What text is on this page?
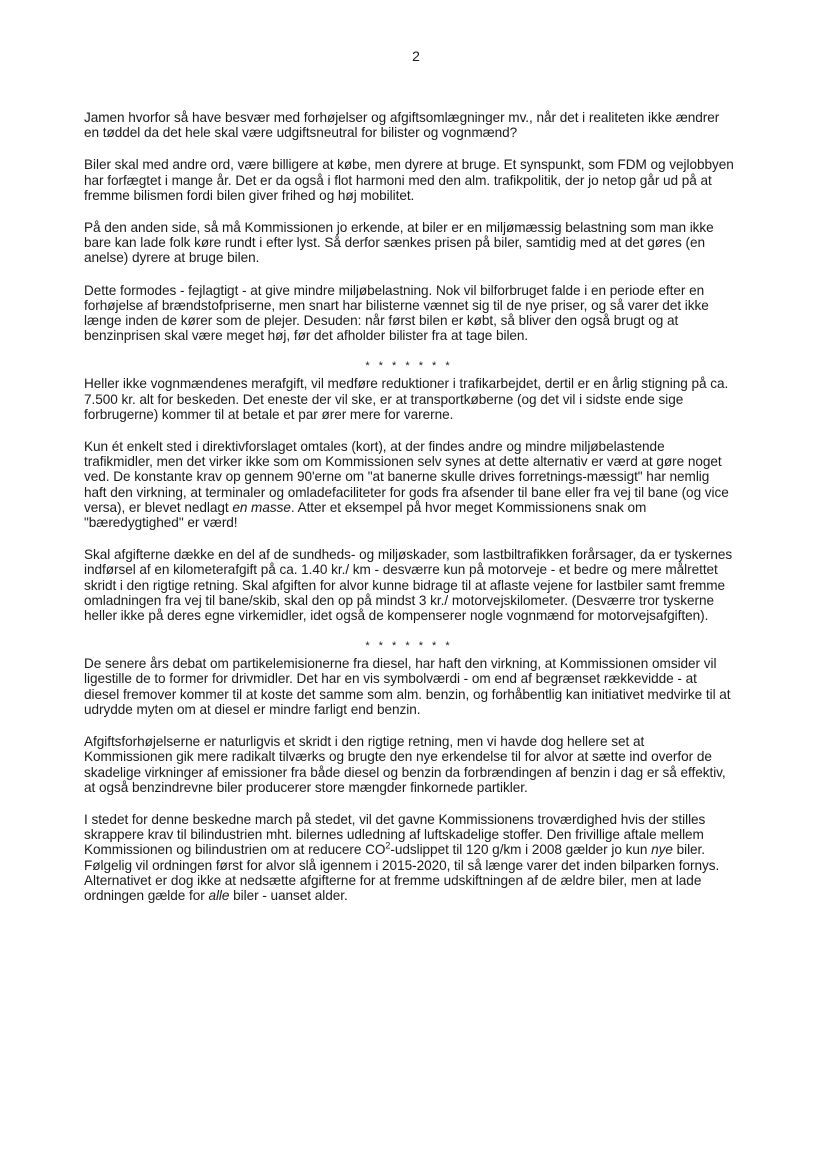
2

Jamen hvorfor så have besvær med forhøjelser og afgiftsomlægninger mv., når det i realiteten ikke ændrer en tøddel da det hele skal være udgiftsneutral for bilister og vognmænd?

Biler skal med andre ord, være billigere at købe, men dyrere at bruge. Et synspunkt, som FDM og vejlobbyen har forfægtet i mange år. Det er da også i flot harmoni med den alm. trafikpolitik, der jo netop går ud på at fremme bilismen fordi bilen giver frihed og høj mobilitet.

På den anden side, så må Kommissionen jo erkende, at biler er en miljømæssig belastning som man ikke bare kan lade folk køre rundt i efter lyst. Så derfor sænkes prisen på biler, samtidig med at det gøres (en anelse) dyrere at bruge bilen.

Dette formodes - fejlagtigt - at give mindre miljøbelastning. Nok vil bilforbruget falde i en periode efter en forhøjelse af brændstofpriserne, men snart har bilisterne vænnet sig til de nye priser, og så varer det ikke længe inden de kører som de plejer. Desuden: når først bilen er købt, så bliver den også brugt og at benzinprisen skal være meget høj, før det afholder bilister fra at tage bilen.

* * * * * * *

Heller ikke vognmændenes merafgift, vil medføre reduktioner i trafikarbejdet, dertil er en årlig stigning på ca. 7.500 kr. alt for beskeden. Det eneste der vil ske, er at transportkøberne (og det vil i sidste ende sige forbrugerne) kommer til at betale et par ører mere for varerne.

Kun ét enkelt sted i direktivforslaget omtales (kort), at der findes andre og mindre miljøbelastende trafikmidler, men det virker ikke som om Kommissionen selv synes at dette alternativ er værd at gøre noget ved. De konstante krav op gennem 90'erne om "at banerne skulle drives forretnings-mæssigt" har nemlig haft den virkning, at terminaler og omladefaciliteter for gods fra afsender til bane eller fra vej til bane (og vice versa), er blevet nedlagt en masse. Atter et eksempel på hvor meget Kommissionens snak om "bæredygtighed" er værd!

Skal afgifterne dække en del af de sundheds- og miljøskader, som lastbiltrafikken forårsager, da er tyskernes indførsel af en kilometerafgift på ca. 1.40 kr./ km - desværre kun på motorveje - et bedre og mere målrettet skridt i den rigtige retning. Skal afgiften for alvor kunne bidrage til at aflaste vejene for lastbiler samt fremme omladningen fra vej til bane/skib, skal den op på mindst 3 kr./ motorvejskilometer. (Desværre tror tyskerne heller ikke på deres egne virkemidler, idet også de kompenserer nogle vognmænd for motorvejsafgiften).

* * * * * * *

De senere års debat om partikelemisionerne fra diesel, har haft den virkning, at Kommissionen omsider vil ligestille de to former for drivmidler. Det har en vis symbolværdi - om end af begrænset rækkevidde - at diesel fremover kommer til at koste det samme som alm. benzin, og forhåbentlig kan initiativet medvirke til at udrydde myten om at diesel er mindre farligt end benzin.

Afgiftsforhøjelserne er naturligvis et skridt i den rigtige retning, men vi havde dog hellere set at Kommissionen gik mere radikalt tilværks og brugte den nye erkendelse til for alvor at sætte ind overfor de skadelige virkninger af emissioner fra både diesel og benzin da forbrændingen af benzin i dag er så effektiv, at også benzindrevne biler producerer store mængder finkornede partikler.

I stedet for denne beskedne march på stedet, vil det gavne Kommissionens troværdighed hvis der stilles skrappere krav til bilindustrien mht. bilernes udledning af luftskadelige stoffer. Den frivillige aftale mellem Kommissionen og bilindustrien om at reducere $CO^2$-udslippet til 120 g/km i 2008 gælder jo kun nye biler. Følgelig vil ordningen først for alvor slå igennem i 2015-2020, til så længe varer det inden bilparken fornys. Alternativet er dog ikke at nedsætte afgifterne for at fremme udskiftningen af de ældre biler, men at lade ordningen gælde for alle biler - uanset alder.
